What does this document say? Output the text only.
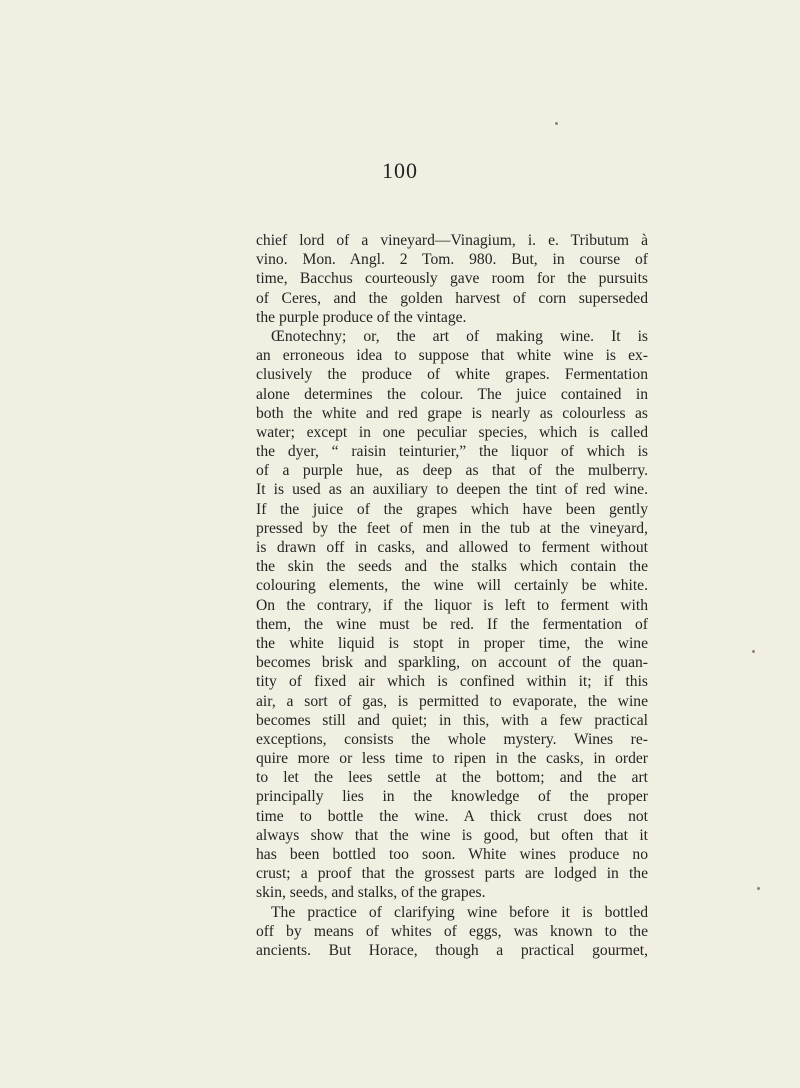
100
chief lord of a vineyard—Vinagium, i. e. Tributum à
vino. Mon. Angl. 2 Tom. 980. But, in course of
time, Bacchus courteously gave room for the pursuits
of Ceres, and the golden harvest of corn superseded
the purple produce of the vintage.
Œnotechny; or, the art of making wine. It is
an erroneous idea to suppose that white wine is ex-
clusively the produce of white grapes. Fermentation
alone determines the colour. The juice contained in
both the white and red grape is nearly as colourless as
water; except in one peculiar species, which is called
the dyer, “ raisin teinturier,” the liquor of which is
of a purple hue, as deep as that of the mulberry.
It is used as an auxiliary to deepen the tint of red wine.
If the juice of the grapes which have been gently
pressed by the feet of men in the tub at the vineyard,
is drawn off in casks, and allowed to ferment without
the skin the seeds and the stalks which contain the
colouring elements, the wine will certainly be white.
On the contrary, if the liquor is left to ferment with
them, the wine must be red. If the fermentation of
the white liquid is stopt in proper time, the wine
becomes brisk and sparkling, on account of the quan-
tity of fixed air which is confined within it; if this
air, a sort of gas, is permitted to evaporate, the wine
becomes still and quiet; in this, with a few practical
exceptions, consists the whole mystery. Wines re-
quire more or less time to ripen in the casks, in order
to let the lees settle at the bottom; and the art
principally lies in the knowledge of the proper
time to bottle the wine. A thick crust does not
always show that the wine is good, but often that it
has been bottled too soon. White wines produce no
crust; a proof that the grossest parts are lodged in the
skin, seeds, and stalks, of the grapes.
The practice of clarifying wine before it is bottled
off by means of whites of eggs, was known to the
ancients. But Horace, though a practical gourmet,
